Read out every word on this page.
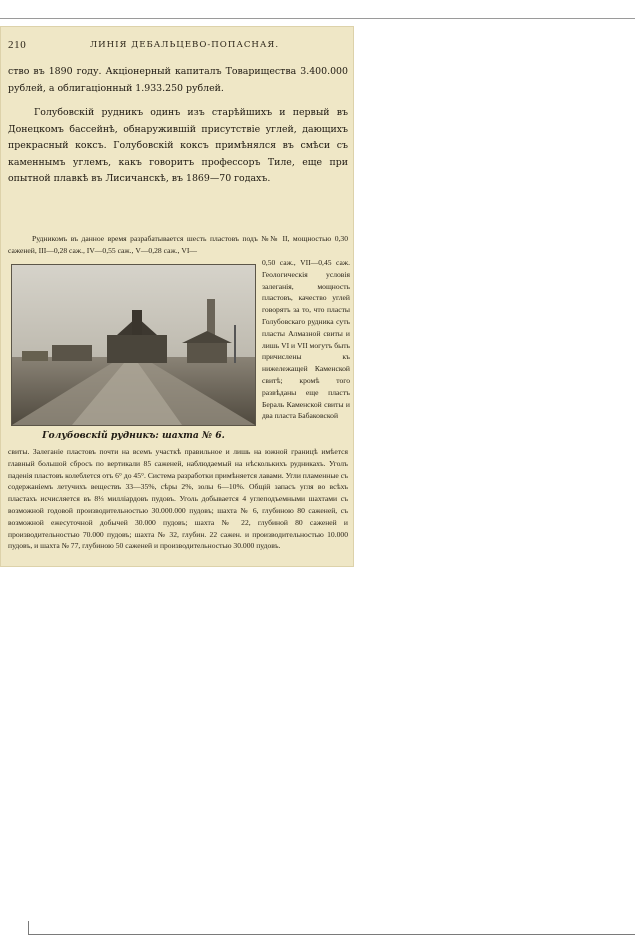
210	ЛИНІЯ ДЕБАЛЬЦЕВО-ПОПАСНАЯ.

ство въ 1890 году. Акціонерный капиталъ Товарищества 3.400.000 рублей, а облигаціонный 1.933.250 рублей.

Голубовскій рудникъ одинъ изъ старѣйшихъ и первый въ Донецкомъ бассейнѣ, обнаружившій присутствіе углей, дающихъ прекрасный коксъ. Голубовскій коксъ примѣнялся въ смѣси съ каменнымъ углемъ, какъ говоритъ профессоръ Тиле, еще при опытной плавкѣ въ Лисичанскѣ, въ 1869—70 годахъ.

Рудникомъ въ данное время разрабатывается шесть пластовъ подъ №№ II, мощностью 0,30 саженей, III—0,28 саж., IV—0,55 саж., V—0,28 саж., VI—

Голубовскій рудникъ: шахта № 6.

0,50 саж., VII—0,45 саж. Геологическія условія залеганія, мощность пластовъ, качество углей говорятъ за то, что пласты Голубовскаго рудника суть пласты Алмазной свиты и лишь VI и VII могутъ быть причислены къ нижележащей Каменской свитѣ; кромѣ того развѣданы еще пластъ Бераль Каменской свиты и два пласта Бабаковской

свиты. Залеганіе пластовъ почти на всемъ участкѣ правильное и лишь на южной границѣ имѣется главный большой сбросъ по вертикали 85 саженей, наблюдаемый на нѣсколькихъ рудникахъ. Уголъ паденія пластовъ колеблется отъ 6° до 45°. Система разработки примѣняется лавами. Угли пламенные съ содержаніемъ летучихъ веществъ 33—35%, сѣры 2%, золы 6—10%. Общій запасъ угля во всѣхъ пластахъ исчисляется въ 8⅓ милліардовъ пудовъ. Уголь добывается 4 углеподъемными шахтами съ возможной годовой производительностью 30.000.000 пудовъ; шахта № 6, глубиною 80 саженей, съ возможной ежесуточной добычей 30.000 пудовъ; шахта № 22, глубиной 80 саженей и производительностью 70.000 пудовъ; шахта № 32, глубин. 22 сажен. и производительностью 10.000 пудовъ, и шахта № 77, глубиною 50 саженей и производительностью 30.000 пудовъ.
